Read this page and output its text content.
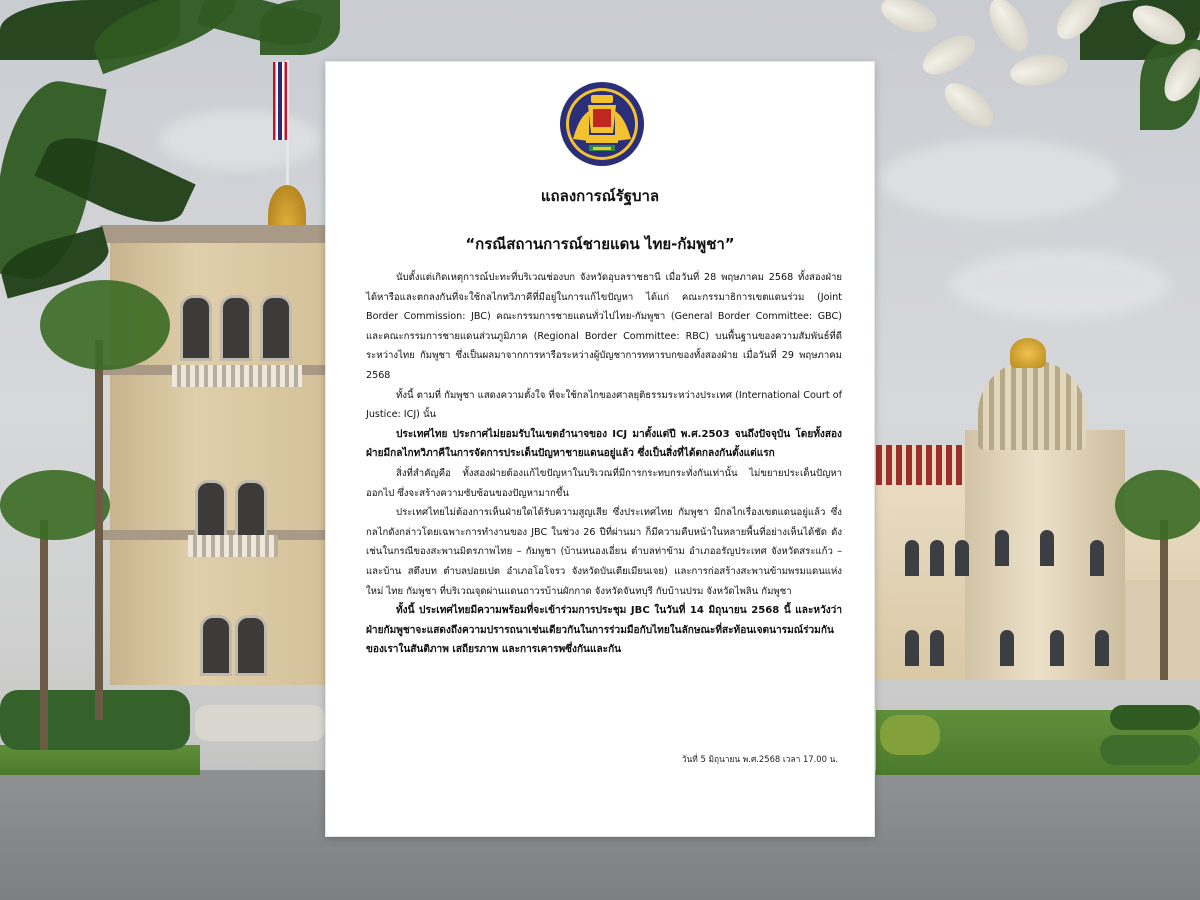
แถลงการณ์รัฐบาล
“กรณีสถานการณ์ชายแดน ไทย-กัมพูชา”

นับตั้งแต่เกิดเหตุการณ์ปะทะที่บริเวณช่องบก จังหวัดอุบลราชธานี เมื่อวันที่ 28 พฤษภาคม 2568 ทั้งสองฝ่ายได้หารือและตกลงกันที่จะใช้กลไกทวิภาคีที่มีอยู่ในการแก้ไขปัญหา ได้แก่ คณะกรรมาธิการเขตแดนร่วม (Joint Border Commission: JBC) คณะกรรมการชายแดนทั่วไปไทย-กัมพูชา (General Border Committee: GBC) และคณะกรรมการชายแดนส่วนภูมิภาค (Regional Border Committee: RBC) บนพื้นฐานของความสัมพันธ์ที่ดีระหว่างไทย กัมพูชา ซึ่งเป็นผลมาจากการหารือระหว่างผู้บัญชาการทหารบกของทั้งสองฝ่าย เมื่อวันที่ 29 พฤษภาคม 2568

ทั้งนี้ ตามที่ กัมพูชา แสดงความตั้งใจ ที่จะใช้กลไกของศาลยุติธรรมระหว่างประเทศ (International Court of Justice: ICJ) นั้น

ประเทศไทย ประกาศไม่ยอมรับในเขตอำนาจของ ICJ มาตั้งแต่ปี พ.ศ.2503 จนถึงปัจจุบัน โดยทั้งสองฝ่ายมีกลไกทวิภาคีในการจัดการประเด็นปัญหาชายแดนอยู่แล้ว ซึ่งเป็นสิ่งที่ได้ตกลงกันตั้งแต่แรก

สิ่งที่สำคัญคือ ทั้งสองฝ่ายต้องแก้ไขปัญหาในบริเวณที่มีการกระทบกระทั่งกันเท่านั้น ไม่ขยายประเด็นปัญหาออกไป ซึ่งจะสร้างความซับซ้อนของปัญหามากขึ้น

ประเทศไทยไม่ต้องการเห็นฝ่ายใดได้รับความสูญเสีย ซึ่งประเทศไทย กัมพูชา มีกลไกเรื่องเขตแดนอยู่แล้ว ซึ่งกลไกดังกล่าวโดยเฉพาะการทำงานของ JBC ในช่วง 26 ปีที่ผ่านมา ก็มีความคืบหน้าในหลายพื้นที่อย่างเห็นได้ชัด ดังเช่นในกรณีของสะพานมิตรภาพไทย – กัมพูชา (บ้านหนองเอี่ยน ตำบลท่าข้าม อำเภออรัญประเทศ จังหวัดสระแก้ว –และบ้าน สตึงบท ตำบลปอยเปต อำเภอโอโจรว จังหวัดบันเตียเมียนเจย) และการก่อสร้างสะพานข้ามพรมแดนแห่งใหม่ ไทย กัมพูชา ที่บริเวณจุดผ่านแดนถาวรบ้านผักกาด จังหวัดจันทบุรี กับบ้านปรม จังหวัดไพลิน กัมพูชา

ทั้งนี้ ประเทศไทยมีความพร้อมที่จะเข้าร่วมการประชุม JBC ในวันที่ 14 มิถุนายน 2568 นี้ และหวังว่าฝ่ายกัมพูชาจะแสดงถึงความปรารถนาเช่นเดียวกันในการร่วมมือกับไทยในลักษณะที่สะท้อนเจตนารมณ์ร่วมกันของเราในสันติภาพ เสถียรภาพ และการเคารพซึ่งกันและกัน

วันที่ 5 มิถุนายน พ.ศ.2568 เวลา 17.00 น.
